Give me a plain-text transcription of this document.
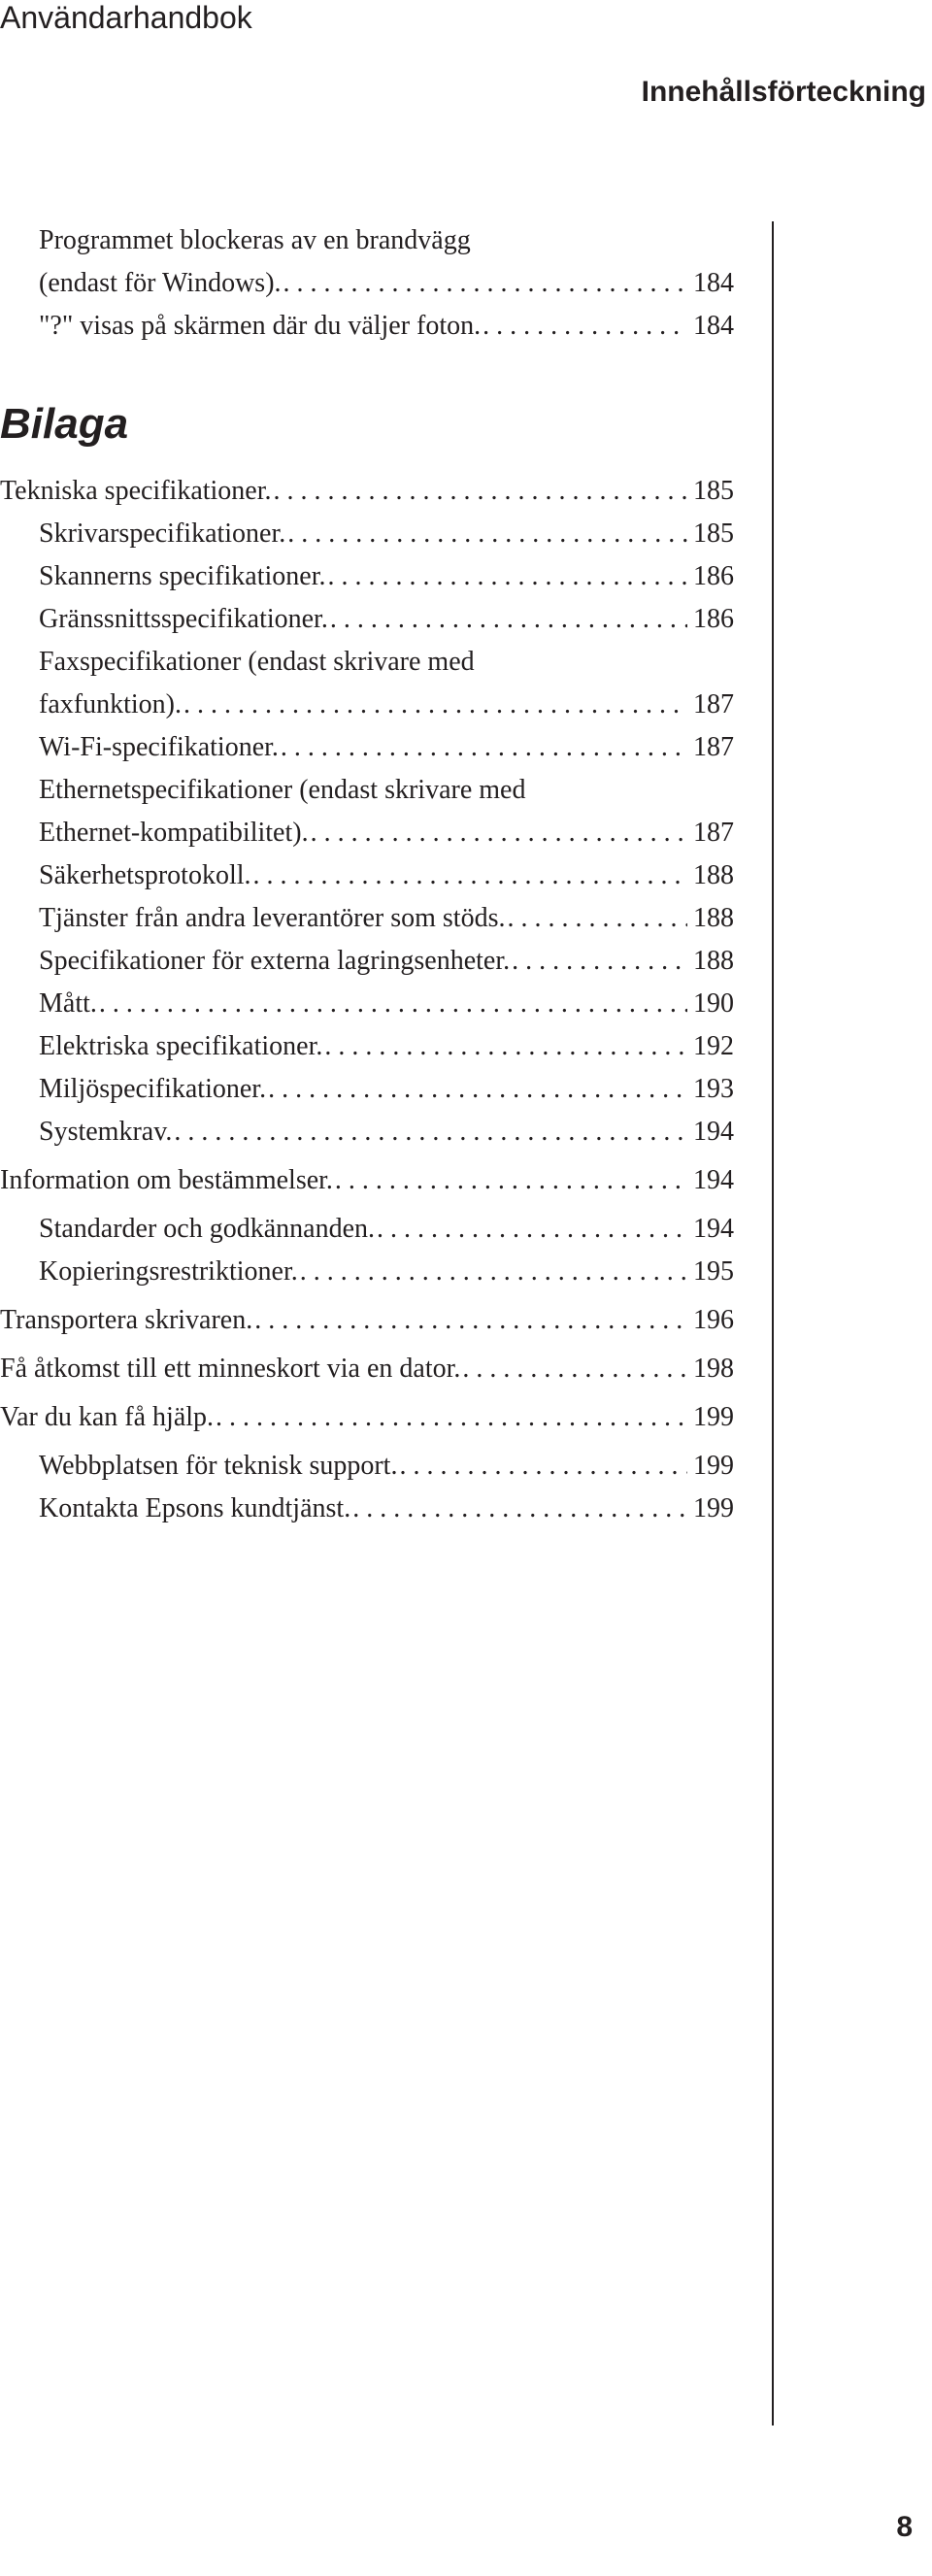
Användarhandbok
Innehållsförteckning
Programmet blockeras av en brandvägg
(endast för Windows). . . .	184
"?" visas på skärmen där du väljer foton. . . .	184
Bilaga
Tekniska specifikationer. . . .	185
Skrivarspecifikationer. . . .	185
Skannerns specifikationer. . . .	186
Gränssnittsspecifikationer. . . .	186
Faxspecifikationer (endast skrivare med
faxfunktion). . . .	187
Wi-Fi-specifikationer. . . .	187
Ethernetspecifikationer (endast skrivare med
Ethernet-kompatibilitet). . . .	187
Säkerhetsprotokoll. . . .	188
Tjänster från andra leverantörer som stöds. . . .	188
Specifikationer för externa lagringsenheter. . . .	188
Mått. . . .	190
Elektriska specifikationer. . . .	192
Miljöspecifikationer. . . .	193
Systemkrav. . . .	194
Information om bestämmelser. . . .	194
Standarder och godkännanden. . . .	194
Kopieringsrestriktioner. . . .	195
Transportera skrivaren. . . .	196
Få åtkomst till ett minneskort via en dator. . . .	198
Var du kan få hjälp. . . .	199
Webbplatsen för teknisk support. . . .	199
Kontakta Epsons kundtjänst. . . .	199
8
